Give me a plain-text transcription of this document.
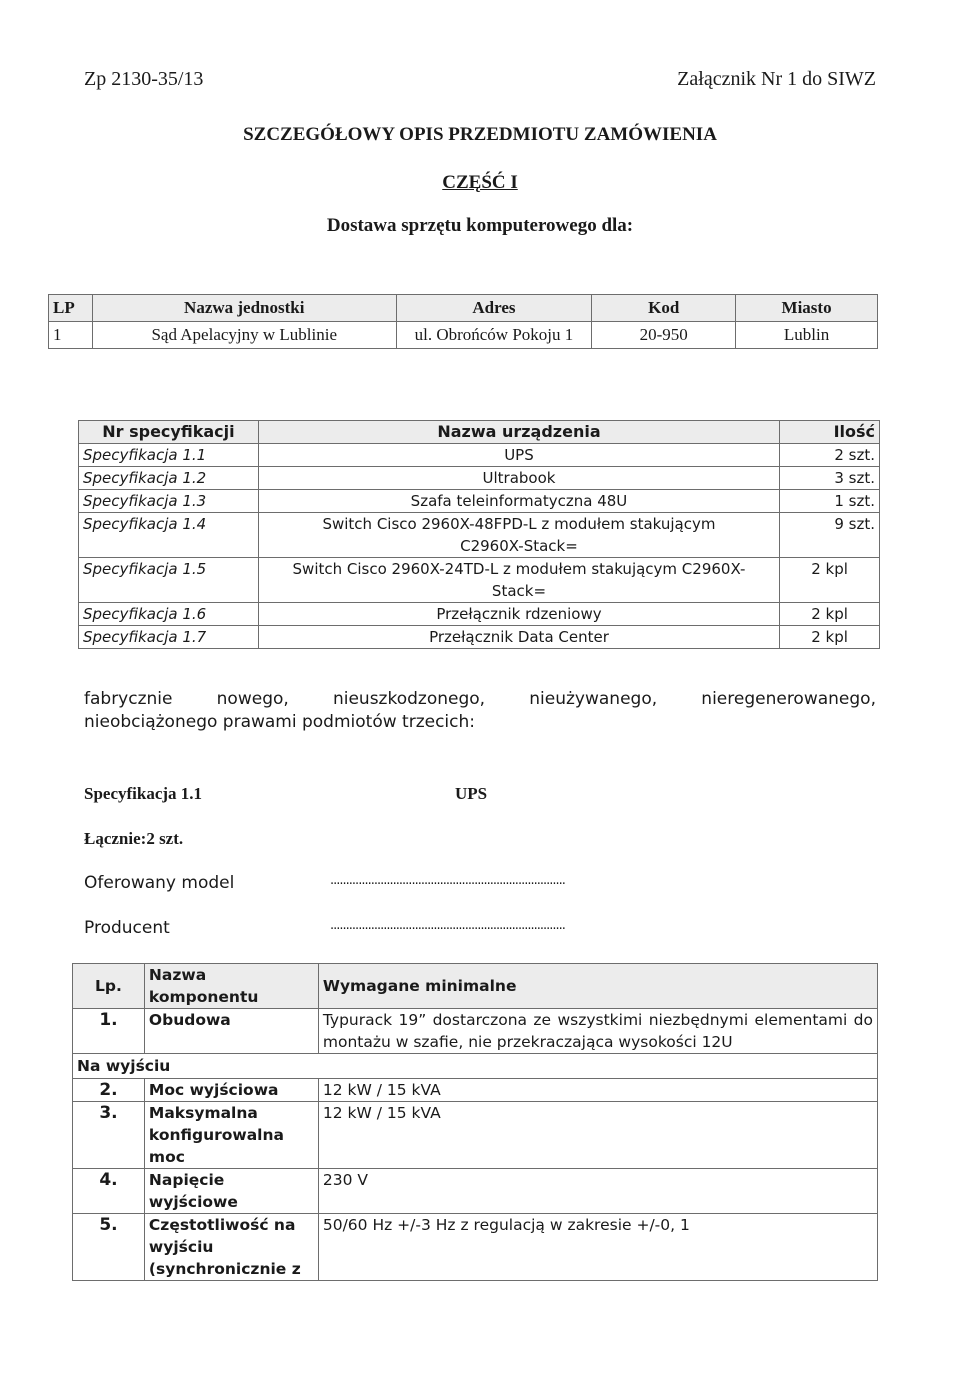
Zp 2130-35/13	Załącznik Nr 1 do SIWZ
SZCZEGÓŁOWY OPIS PRZEDMIOTU ZAMÓWIENIA
CZĘŚĆ I
Dostawa sprzętu komputerowego dla:
LP	Nazwa jednostki	Adres	Kod	Miasto
1	Sąd Apelacyjny w Lublinie	ul. Obrońców Pokoju 1	20-950	Lublin
Nr specyfikacji	Nazwa urządzenia	Ilość
Specyfikacja 1.1	UPS	2 szt.
Specyfikacja 1.2	Ultrabook	3 szt.
Specyfikacja 1.3	Szafa teleinformatyczna 48U	1 szt.
Specyfikacja 1.4	Switch Cisco 2960X-48FPD-L z modułem stakującym C2960X-Stack=	9 szt.
Specyfikacja 1.5	Switch Cisco 2960X-24TD-L z modułem stakującym C2960X-Stack=	2 kpl
Specyfikacja 1.6	Przełącznik rdzeniowy	2 kpl
Specyfikacja 1.7	Przełącznik Data Center	2 kpl
fabrycznie nowego, nieuszkodzonego, nieużywanego, nieregenerowanego,
nieobciążonego prawami podmiotów trzecich:
Specyfikacja 1.1	UPS
Łącznie:2 szt.
Oferowany model	...........................................................................
Producent	...........................................................................
Lp.	Nazwa komponentu	Wymagane minimalne
1.	Obudowa	Typurack 19” dostarczona ze wszystkimi niezbędnymi elementami do montażu w szafie, nie przekraczająca wysokości 12U
Na wyjściu		
2.	Moc wyjściowa	12 kW / 15 kVA
3.	Maksymalna konfigurowalna moc	12 kW / 15 kVA
4.	Napięcie wyjściowe	230 V
5.	Częstotliwość na wyjściu (synchronicznie z	50/60 Hz +/-3 Hz z regulacją w zakresie +/-0, 1
